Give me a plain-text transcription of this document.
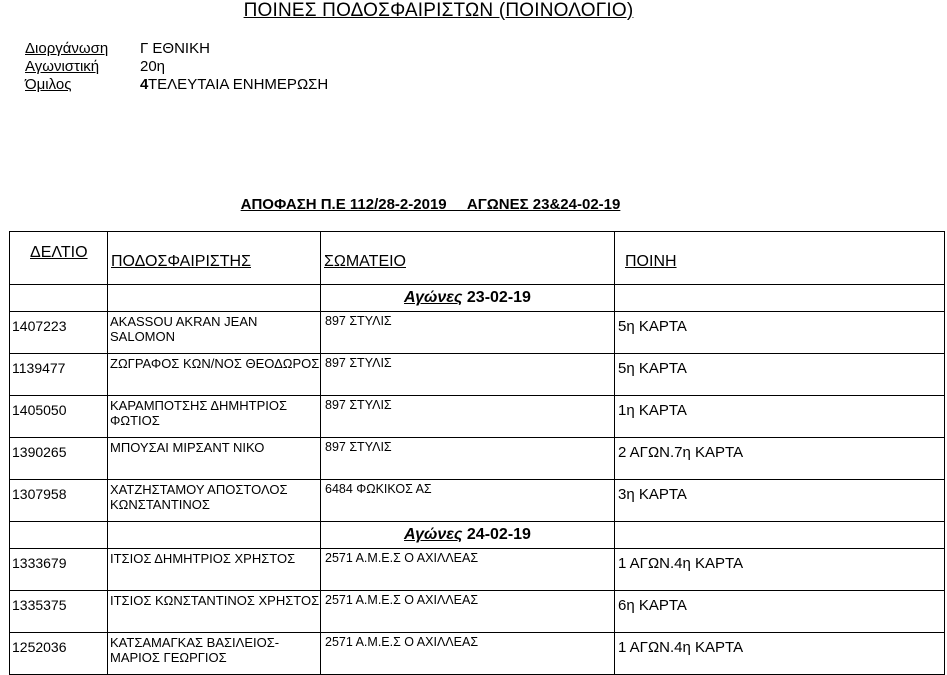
ΠΟΙΝΕΣ ΠΟΔΟΣΦΑΙΡΙΣΤΩΝ (ΠΟΙΝΟΛΟΓΙΟ)
Διοργάνωση	Γ ΕΘΝΙΚΗ
Αγωνιστική	20η
Όμιλος	4 ΤΕΛΕΥΤΑΙΑ ΕΝΗΜΕΡΩΣΗ
ΑΠΟΦΑΣΗ Π.Ε 112/28-2-2019     ΑΓΩΝΕΣ 23&24-02-19
ΔΕΛΤΙΟ	ΠΟΔΟΣΦΑΙΡΙΣΤΗΣ	ΣΩΜΑΤΕΙΟ	ΠΟΙΝΗ
		Αγώνες 23-02-19	
1407223	AKASSOU AKRAN JEAN SALOMON	897 ΣΤΥΛΙΣ	5η ΚΑΡΤΑ
1139477	ΖΩΓΡΑΦΟΣ ΚΩΝ/ΝΟΣ ΘΕΟΔΩΡΟΣ	897 ΣΤΥΛΙΣ	5η ΚΑΡΤΑ
1405050	ΚΑΡΑΜΠΟΤΣΗΣ ΔΗΜΗΤΡΙΟΣ ΦΩΤΙΟΣ	897 ΣΤΥΛΙΣ	1η ΚΑΡΤΑ
1390265	ΜΠΟΥΣΑΙ ΜΙΡΣΑΝΤ ΝΙΚΟ	897 ΣΤΥΛΙΣ	2 ΑΓΩΝ.7η ΚΑΡΤΑ
1307958	ΧΑΤΖΗΣΤΑΜΟΥ ΑΠΟΣΤΟΛΟΣ ΚΩΝΣΤΑΝΤΙΝΟΣ	6484 ΦΩΚΙΚΟΣ ΑΣ	3η ΚΑΡΤΑ
		Αγώνες 24-02-19	
1333679	ΙΤΣΙΟΣ ΔΗΜΗΤΡΙΟΣ ΧΡΗΣΤΟΣ	2571 Α.Μ.Ε.Σ Ο ΑΧΙΛΛΕΑΣ	1 ΑΓΩΝ.4η ΚΑΡΤΑ
1335375	ΙΤΣΙΟΣ ΚΩΝΣΤΑΝΤΙΝΟΣ ΧΡΗΣΤΟΣ	2571 Α.Μ.Ε.Σ Ο ΑΧΙΛΛΕΑΣ	6η ΚΑΡΤΑ
1252036	ΚΑΤΣΑΜΑΓΚΑΣ ΒΑΣΙΛΕΙΟΣ-ΜΑΡΙΟΣ ΓΕΩΡΓΙΟΣ	2571 Α.Μ.Ε.Σ Ο ΑΧΙΛΛΕΑΣ	1 ΑΓΩΝ.4η ΚΑΡΤΑ
